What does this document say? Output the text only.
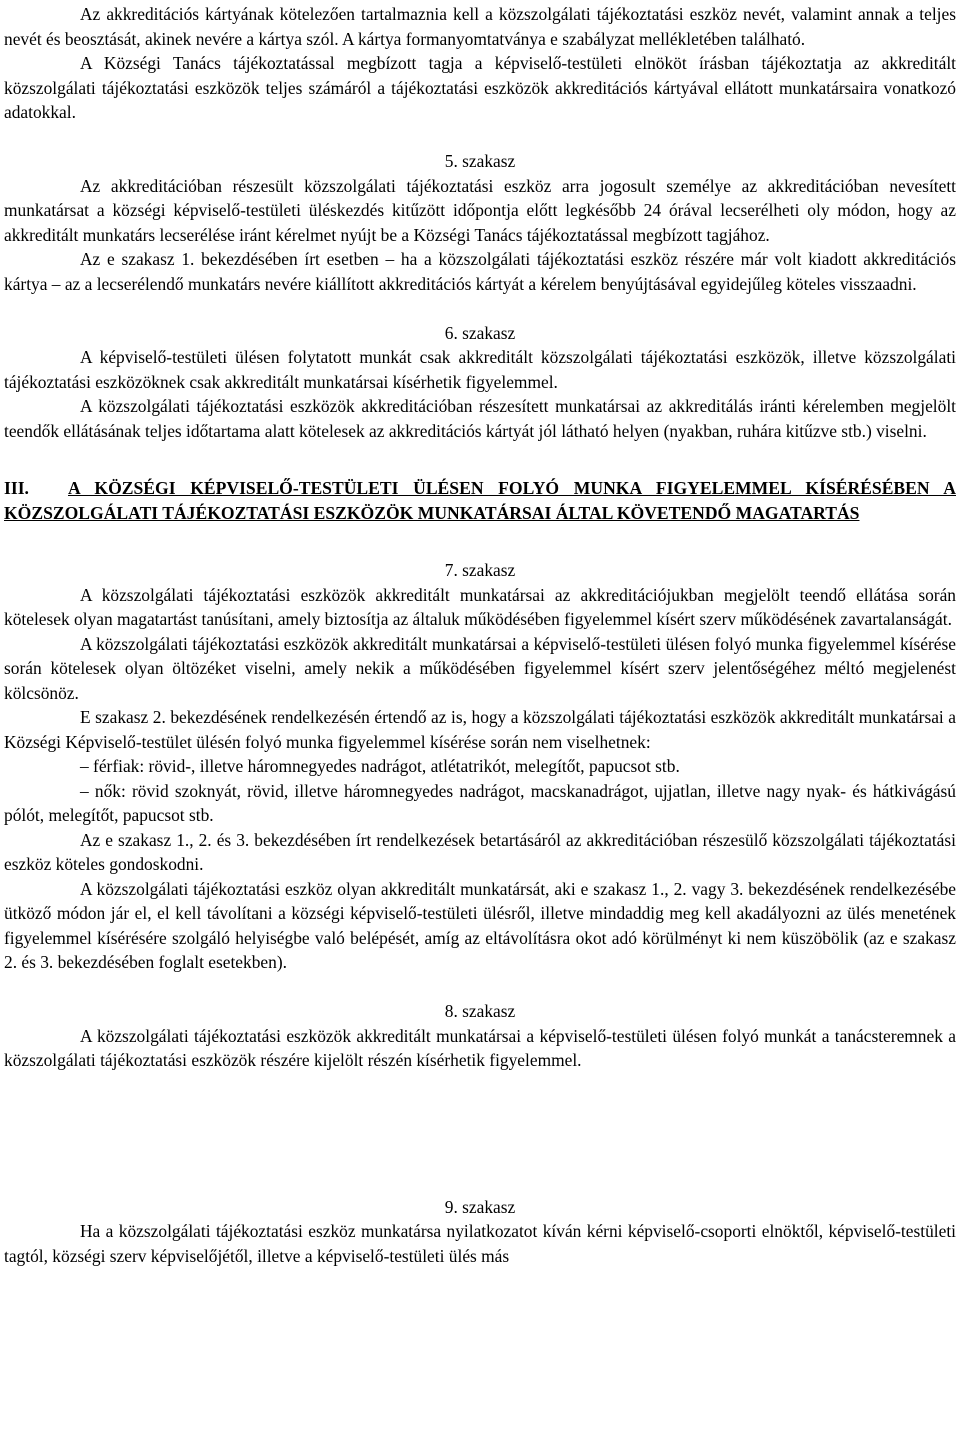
Az akkreditációs kártyának kötelezően tartalmaznia kell a közszolgálati tájékoztatási eszköz nevét, valamint annak a teljes nevét és beosztását, akinek nevére a kártya szól. A kártya formanyomtatványa e szabályzat mellékletében található.

A Községi Tanács tájékoztatással megbízott tagja a képviselő-testületi elnököt írásban tájékoztatja az akkreditált közszolgálati tájékoztatási eszközök teljes számáról a tájékoztatási eszközök akkreditációs kártyával ellátott munkatársaira vonatkozó adatokkal.

5. szakasz

Az akkreditációban részesült közszolgálati tájékoztatási eszköz arra jogosult személye az akkreditációban nevesített munkatársat a községi képviselő-testületi üléskezdés kitűzött időpontja előtt legkésőbb 24 órával lecserélheti oly módon, hogy az akkreditált munkatárs lecserélése iránt kérelmet nyújt be a Községi Tanács tájékoztatással megbízott tagjához.

Az e szakasz 1. bekezdésében írt esetben – ha a közszolgálati tájékoztatási eszköz részére már volt kiadott akkreditációs kártya – az a lecserélendő munkatárs nevére kiállított akkreditációs kártyát a kérelem benyújtásával egyidejűleg köteles visszaadni.

6. szakasz

A képviselő-testületi ülésen folytatott munkát csak akkreditált közszolgálati tájékoztatási eszközök, illetve közszolgálati tájékoztatási eszközöknek csak akkreditált munkatársai kísérhetik figyelemmel.

A közszolgálati tájékoztatási eszközök akkreditációban részesített munkatársai az akkreditálás iránti kérelemben megjelölt teendők ellátásának teljes időtartama alatt kötelesek az akkreditációs kártyát jól látható helyen (nyakban, ruhára kitűzve stb.) viselni.

III. A KÖZSÉGI KÉPVISELŐ-TESTÜLETI ÜLÉSEN FOLYÓ MUNKA FIGYELEMMEL KÍSÉRÉSÉBEN A KÖZSZOLGÁLATI TÁJÉKOZTATÁSI ESZKÖZÖK MUNKATÁRSAI ÁLTAL KÖVETENDŐ MAGATARTÁS

7. szakasz

A közszolgálati tájékoztatási eszközök akkreditált munkatársai az akkreditációjukban megjelölt teendő ellátása során kötelesek olyan magatartást tanúsítani, amely biztosítja az általuk működésében figyelemmel kísért szerv működésének zavartalanságát.

A közszolgálati tájékoztatási eszközök akkreditált munkatársai a képviselő-testületi ülésen folyó munka figyelemmel kísérése során kötelesek olyan öltözéket viselni, amely nekik a működésében figyelemmel kísért szerv jelentőségéhez méltó megjelenést kölcsönöz.

E szakasz 2. bekezdésének rendelkezésén értendő az is, hogy a közszolgálati tájékoztatási eszközök akkreditált munkatársai a Községi Képviselő-testület ülésén folyó munka figyelemmel kísérése során nem viselhetnek:

– férfiak: rövid-, illetve háromnegyedes nadrágot, atlétatrikót, melegítőt, papucsot stb.

– nők: rövid szoknyát, rövid, illetve háromnegyedes nadrágot, macskanadrágot, ujjatlan, illetve nagy nyak- és hátkivágású pólót, melegítőt, papucsot stb.

Az e szakasz 1., 2. és 3. bekezdésében írt rendelkezések betartásáról az akkreditációban részesülő közszolgálati tájékoztatási eszköz köteles gondoskodni.

A közszolgálati tájékoztatási eszköz olyan akkreditált munkatársát, aki e szakasz 1., 2. vagy 3. bekezdésének rendelkezésébe ütköző módon jár el, el kell távolítani a községi képviselő-testületi ülésről, illetve mindaddig meg kell akadályozni az ülés menetének figyelemmel kísérésére szolgáló helyiségbe való belépését, amíg az eltávolításra okot adó körülményt ki nem küszöbölik (az e szakasz 2. és 3. bekezdésében foglalt esetekben).

8. szakasz

A közszolgálati tájékoztatási eszközök akkreditált munkatársai a képviselő-testületi ülésen folyó munkát a tanácsteremnek a közszolgálati tájékoztatási eszközök részére kijelölt részén kísérhetik figyelemmel.

9. szakasz

Ha a közszolgálati tájékoztatási eszköz munkatársa nyilatkozatot kíván kérni képviselő-csoporti elnöktől, képviselő-testületi tagtól, községi szerv képviselőjétől, illetve a képviselő-testületi ülés más
